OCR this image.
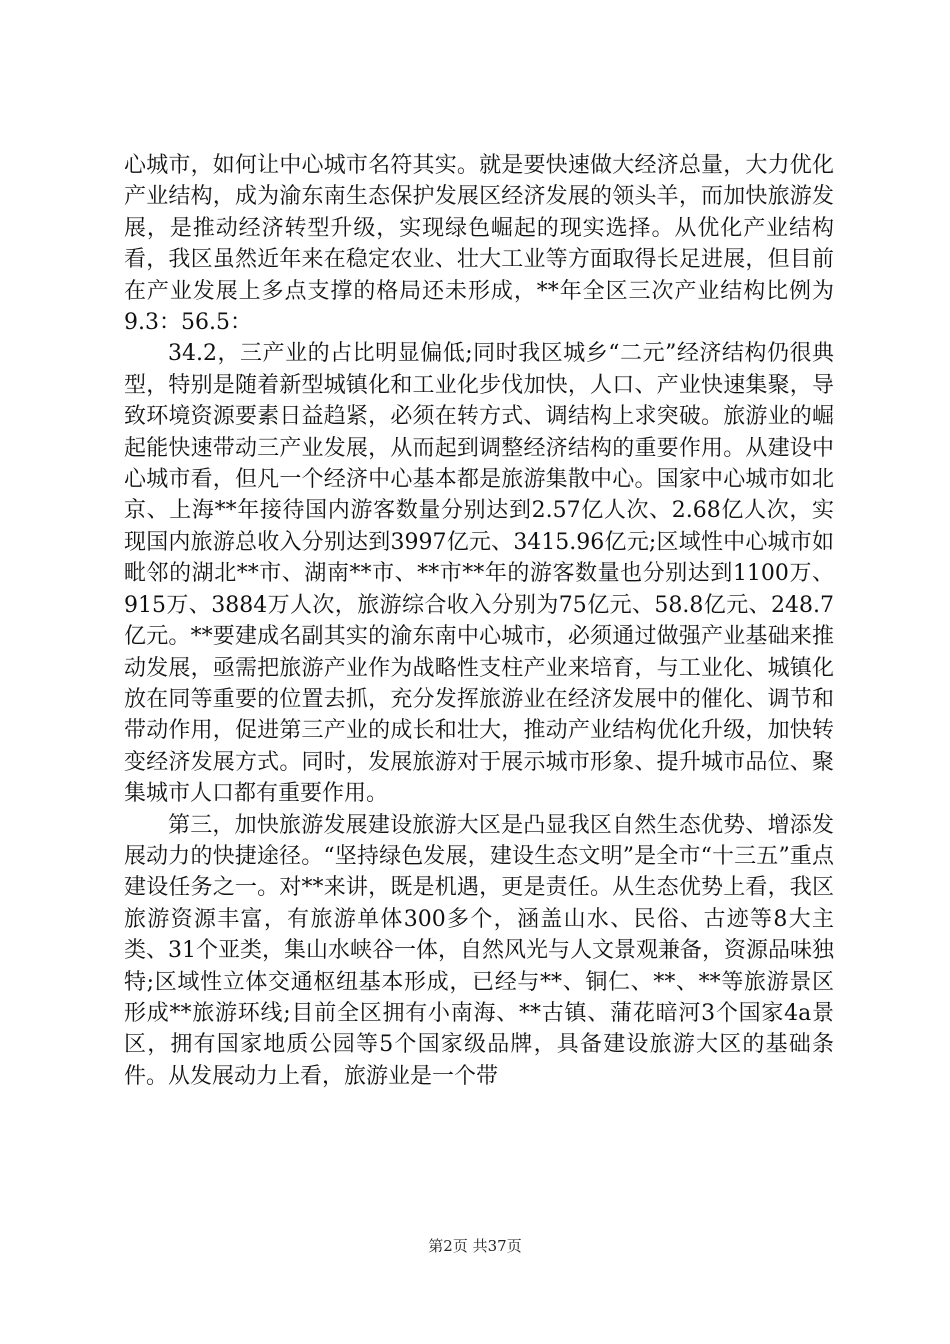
心城市，如何让中心城市名符其实。就是要快速做大经济总量，大力优化产业结构，成为渝东南生态保护发展区经济发展的领头羊，而加快旅游发展，是推动经济转型升级，实现绿色崛起的现实选择。从优化产业结构看，我区虽然近年来在稳定农业、壮大工业等方面取得长足进展，但目前在产业发展上多点支撑的格局还未形成，**年全区三次产业结构比例为9.3：56.5：

34.2，三产业的占比明显偏低;同时我区城乡“二元”经济结构仍很典型，特别是随着新型城镇化和工业化步伐加快，人口、产业快速集聚，导致环境资源要素日益趋紧，必须在转方式、调结构上求突破。旅游业的崛起能快速带动三产业发展，从而起到调整经济结构的重要作用。从建设中心城市看，但凡一个经济中心基本都是旅游集散中心。国家中心城市如北京、上海**年接待国内游客数量分别达到2.57亿人次、2.68亿人次，实现国内旅游总收入分别达到3997亿元、3415.96亿元;区域性中心城市如毗邻的湖北**市、湖南**市、**市**年的游客数量也分别达到1100万、915万、3884万人次，旅游综合收入分别为75亿元、58.8亿元、248.7亿元。**要建成名副其实的渝东南中心城市，必须通过做强产业基础来推动发展，亟需把旅游产业作为战略性支柱产业来培育，与工业化、城镇化放在同等重要的位置去抓，充分发挥旅游业在经济发展中的催化、调节和带动作用，促进第三产业的成长和壮大，推动产业结构优化升级，加快转变经济发展方式。同时，发展旅游对于展示城市形象、提升城市品位、聚集城市人口都有重要作用。

第三，加快旅游发展建设旅游大区是凸显我区自然生态优势、增添发展动力的快捷途径。“坚持绿色发展，建设生态文明”是全市“十三五”重点建设任务之一。对**来讲，既是机遇，更是责任。从生态优势上看，我区旅游资源丰富，有旅游单体300多个，涵盖山水、民俗、古迹等8大主类、31个亚类，集山水峡谷一体，自然风光与人文景观兼备，资源品味独特;区域性立体交通枢纽基本形成，已经与**、铜仁、**、**等旅游景区形成**旅游环线;目前全区拥有小南海、**古镇、蒲花暗河3个国家4a景区，拥有国家地质公园等5个国家级品牌，具备建设旅游大区的基础条件。从发展动力上看，旅游业是一个带

第2页 共37页
